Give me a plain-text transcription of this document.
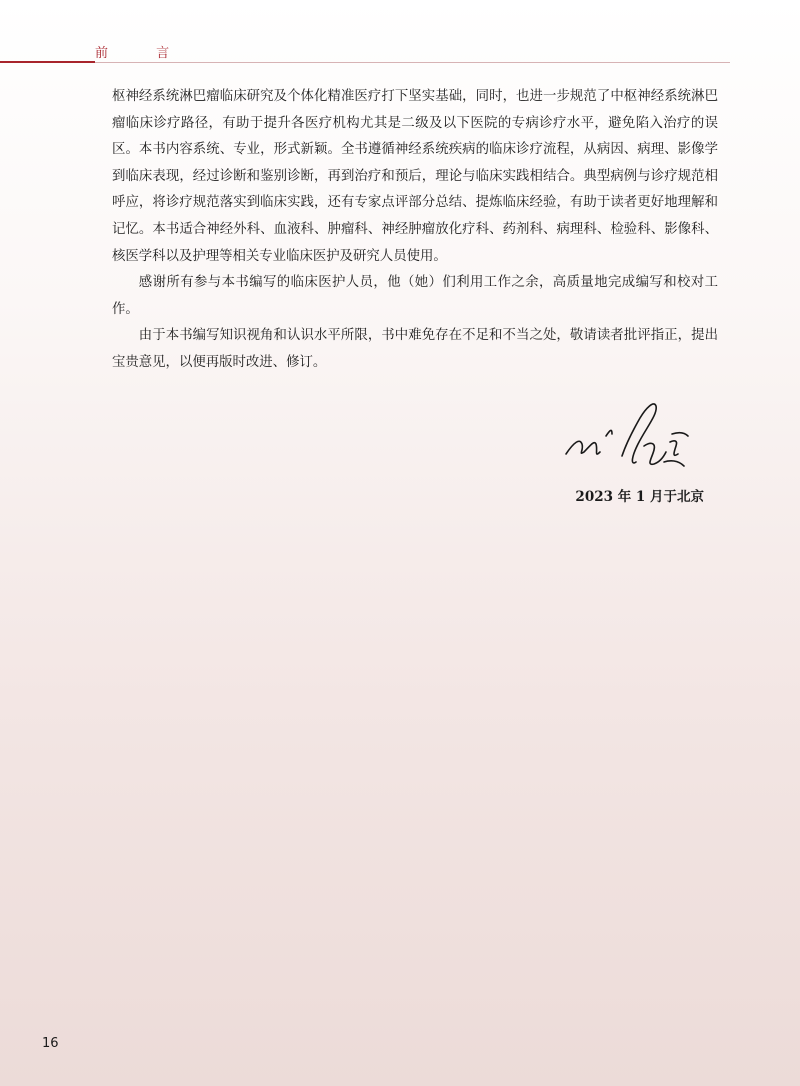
前 言

枢神经系统淋巴瘤临床研究及个体化精准医疗打下坚实基础，同时，也进一步规范了中枢神经系统淋巴瘤临床诊疗路径，有助于提升各医疗机构尤其是二级及以下医院的专病诊疗水平，避免陷入治疗的误区。本书内容系统、专业，形式新颖。全书遵循神经系统疾病的临床诊疗流程，从病因、病理、影像学到临床表现，经过诊断和鉴别诊断，再到治疗和预后，理论与临床实践相结合。典型病例与诊疗规范相呼应，将诊疗规范落实到临床实践，还有专家点评部分总结、提炼临床经验，有助于读者更好地理解和记忆。本书适合神经外科、血液科、肿瘤科、神经肿瘤放化疗科、药剂科、病理科、检验科、影像科、核医学科以及护理等相关专业临床医护及研究人员使用。

感谢所有参与本书编写的临床医护人员，他（她）们利用工作之余，高质量地完成编写和校对工作。

由于本书编写知识视角和认识水平所限，书中难免存在不足和不当之处，敬请读者批评指正，提出宝贵意见，以便再版时改进、修订。

2023 年 1 月于北京
16
